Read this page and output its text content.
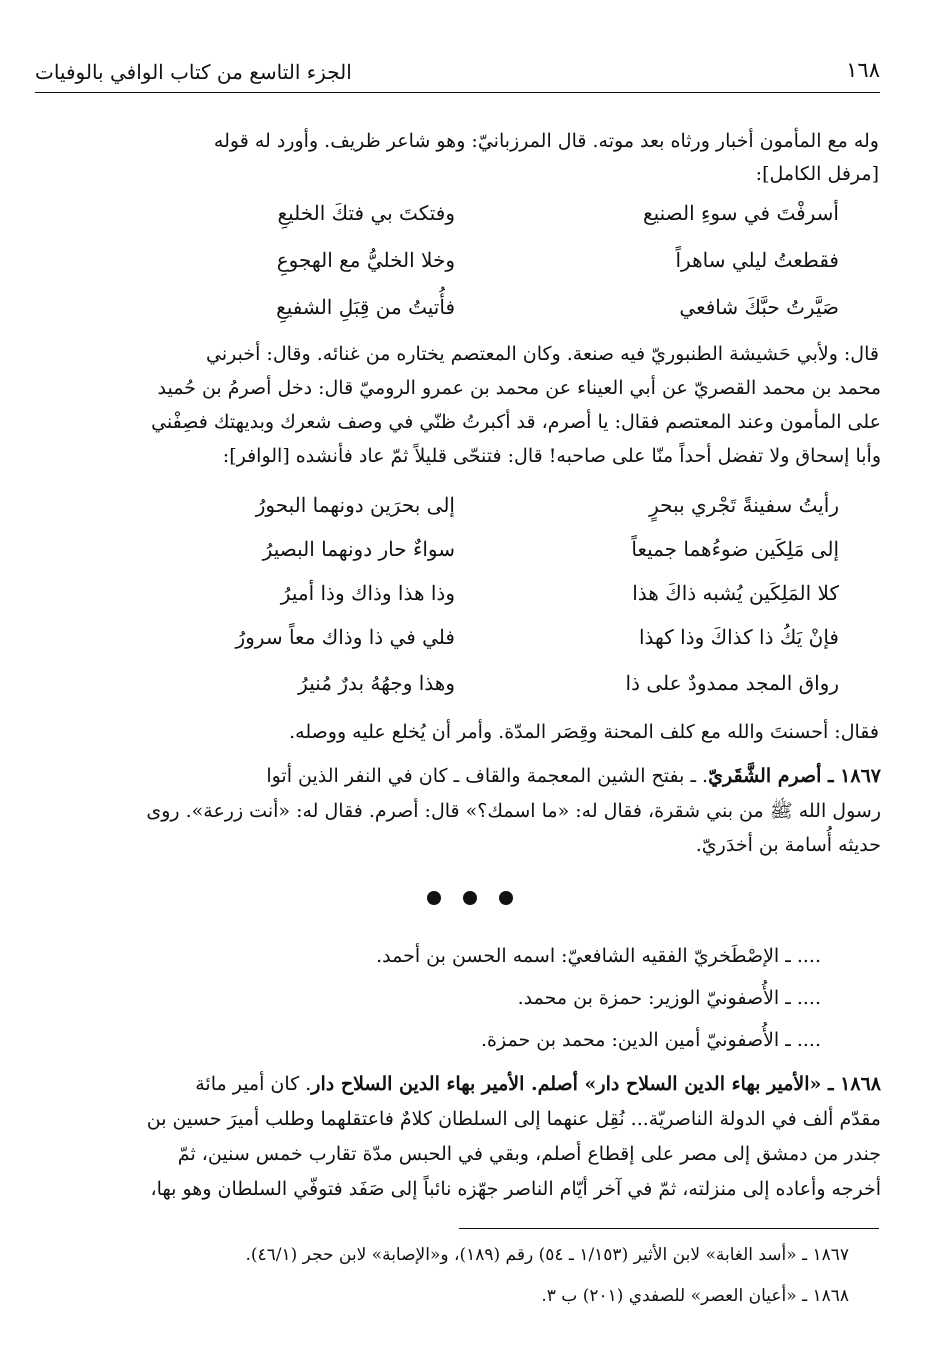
١٦٨
الجزء التاسع من كتاب الوافي بالوفيات
وله مع المأمون أخبار ورثاه بعد موته. قال المرزبانيّ: وهو شاعر ظريف. وأورد له قوله
[مرفل الكامل]:
أسرفْتَ في سوءِ الصنيع
وفتكتَ بي فتكَ الخليعِ
فقطعتُ ليلي ساهراً
وخلا الخليُّ مع الهجوعِ
صَيَّرتُ حبَّكَ شافعي
فأُتيتُ من قِبَلِ الشفيعِ
قال: ولأبي حَشيشة الطنبوريّ فيه صنعة. وكان المعتصم يختاره من غنائه. وقال: أخبرني
محمد بن محمد القصريّ عن أبي العيناء عن محمد بن عمرو الروميّ قال: دخل أصرمُ بن حُميد
على المأمون وعند المعتصم فقال: يا أصرم، قد أكبرتُ ظنّي في وصف شعرك وبديهتك فصِفْني
وأبا إسحاق ولا تفضل أحداً منّا على صاحبه! قال: فتنحّى قليلاً ثمّ عاد فأنشده [الوافر]:
رأيتُ سفينةً تَجْري ببحرٍ
إلى بحرَين دونهما البحورُ
إلى مَلِكَين ضوءُهما جميعاً
سواءٌ حار دونهما البصيرُ
كلا المَلِكَين يُشبه ذاكَ هذا
وذا هذا وذاك وذا أميرُ
فإنْ يَكُ ذا كذاكَ وذا كهذا
فلي في ذا وذاك معاً سرورُ
رواق المجد ممدودٌ على ذا
وهذا وجهُهُ بدرٌ مُنيرُ
فقال: أحسنتَ والله مع كلف المحنة وقِصَر المدّة. وأمر أن يُخلع عليه ووصله.
١٨٦٧ ـ أصرم الشَّقَريّ. ـ بفتح الشين المعجمة والقاف ـ كان في النفر الذين أتوا
رسول الله ﷺ من بني شقرة، فقال له: «ما اسمك؟» قال: أصرم. فقال له: «أنت زرعة». روى
حديثه أُسامة بن أخدَريّ.
.... ـ الإصْطَخريّ الفقيه الشافعيّ: اسمه الحسن بن أحمد.
.... ـ الأُصفونيّ الوزير: حمزة بن محمد.
.... ـ الأُصفونيّ أمين الدين: محمد بن حمزة.
١٨٦٨ ـ «الأمير بهاء الدين السلاح دار» أصلم. الأمير بهاء الدين السلاح دار. كان أمير مائة
مقدّم ألف في الدولة الناصريّة... نُقِل عنهما إلى السلطان كلامٌ فاعتقلهما وطلب أميرَ حسين بن
جندر من دمشق إلى مصر على إقطاع أصلم، وبقي في الحبس مدّة تقارب خمس سنين، ثمّ
أخرجه وأعاده إلى منزلته، ثمّ في آخر أيّام الناصر جهّزه نائباً إلى صَفَد فتوفّي السلطان وهو بها،
١٨٦٧ ـ «أسد الغابة» لابن الأثير (١/١٥٣ ـ ٥٤) رقم (١٨٩)، و«الإصابة» لابن حجر (٤٦/١).
١٨٦٨ ـ «أعيان العصر» للصفدي (٢٠١) ب ٣.
